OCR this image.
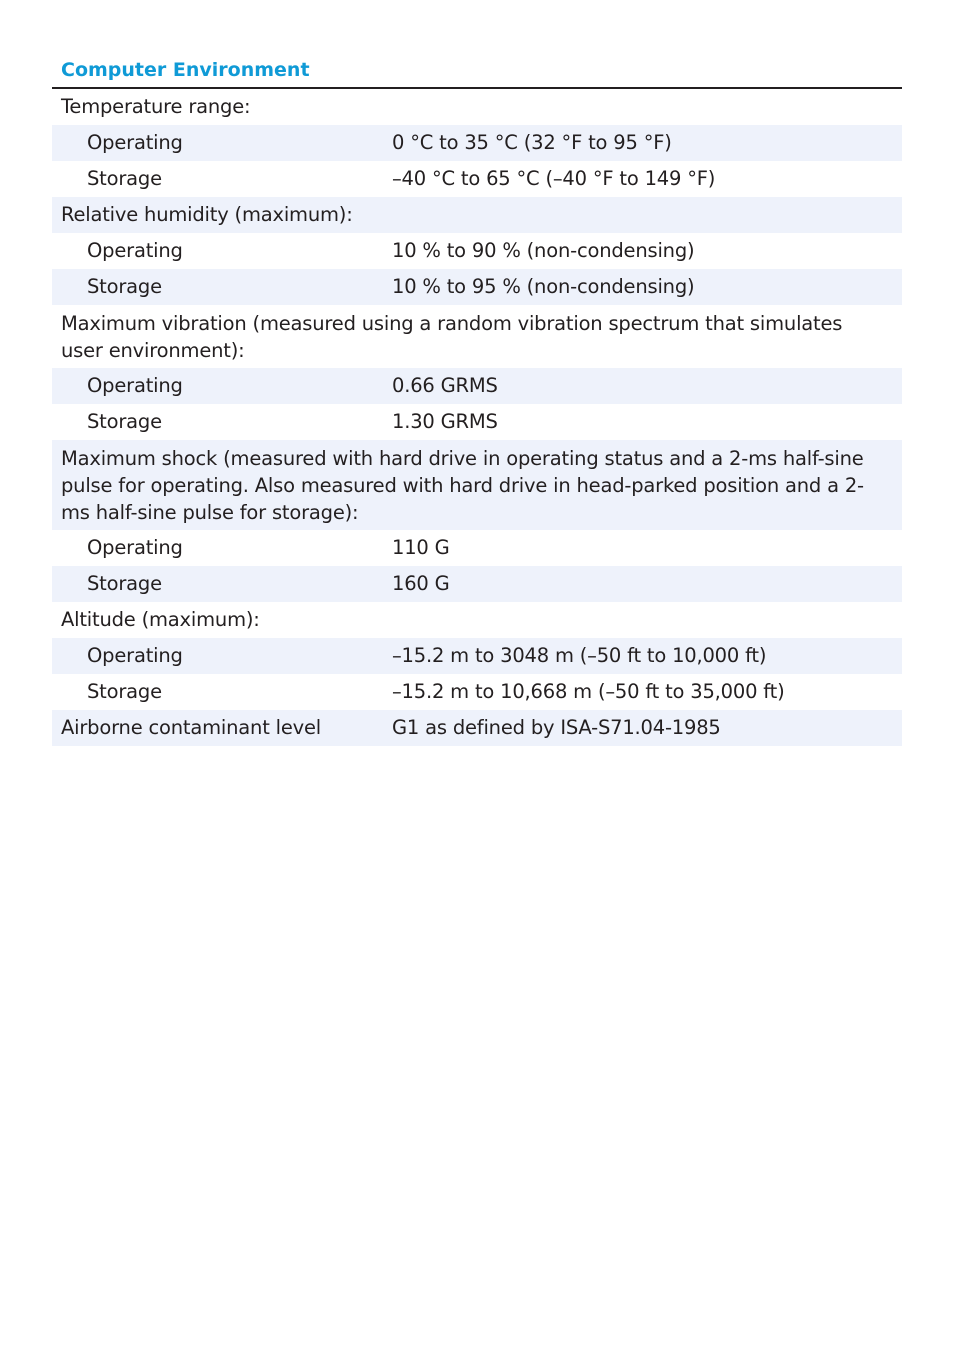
Computer Environment
Temperature range:
Operating	0 °C to 35 °C (32 °F to 95 °F)
Storage	–40 °C to 65 °C (–40 °F to 149 °F)
Relative humidity (maximum):
Operating	10 % to 90 % (non-condensing)
Storage	10 % to 95 % (non-condensing)
Maximum vibration (measured using a random vibration spectrum that simulates user environment):
Operating	0.66 GRMS
Storage	1.30 GRMS
Maximum shock (measured with hard drive in operating status and a 2-ms half-sine pulse for operating. Also measured with hard drive in head-parked position and a 2-ms half-sine pulse for storage):
Operating	110 G
Storage	160 G
Altitude (maximum):
Operating	–15.2 m to 3048 m (–50 ft to 10,000 ft)
Storage	–15.2 m to 10,668 m (–50 ft to 35,000 ft)
Airborne contaminant level	G1 as defined by ISA-S71.04-1985
